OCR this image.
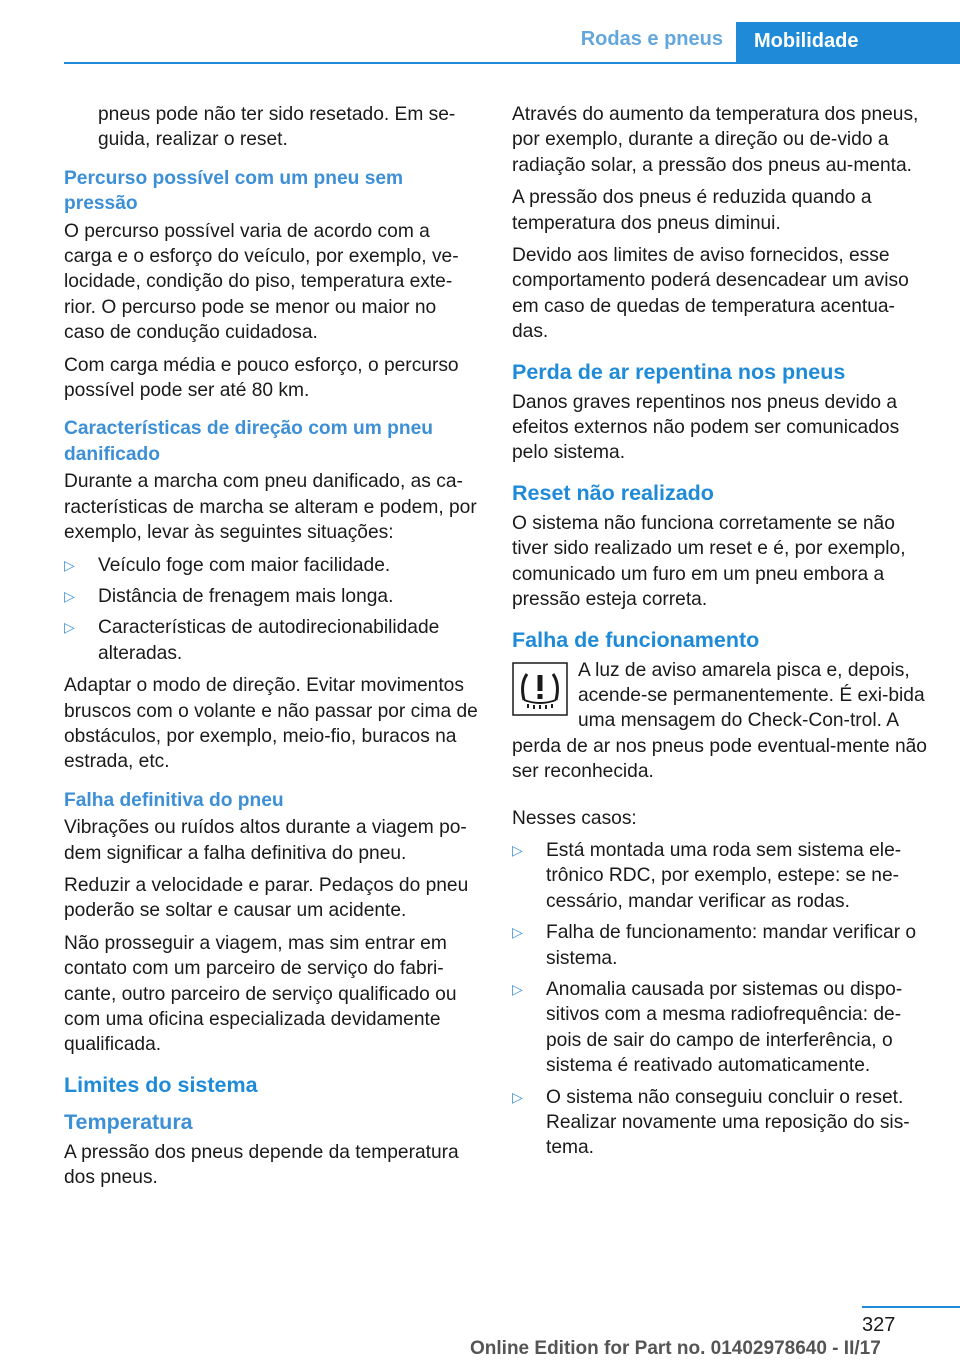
Rodas e pneus	Mobilidade

pneus pode não ter sido resetado. Em se-guida, realizar o reset.

Percurso possível com um pneu sem pressão

O percurso possível varia de acordo com a carga e o esforço do veículo, por exemplo, ve-locidade, condição do piso, temperatura exte-rior. O percurso pode se menor ou maior no caso de condução cuidadosa.

Com carga média e pouco esforço, o percurso possível pode ser até 80 km.

Características de direção com um pneu danificado

Durante a marcha com pneu danificado, as ca-racterísticas de marcha se alteram e podem, por exemplo, levar às seguintes situações:

▷ Veículo foge com maior facilidade.
▷ Distância de frenagem mais longa.
▷ Características de autodirecionabilidade alteradas.

Adaptar o modo de direção. Evitar movimentos bruscos com o volante e não passar por cima de obstáculos, por exemplo, meio-fio, buracos na estrada, etc.

Falha definitiva do pneu

Vibrações ou ruídos altos durante a viagem po-dem significar a falha definitiva do pneu.

Reduzir a velocidade e parar. Pedaços do pneu poderão se soltar e causar um acidente.

Não prosseguir a viagem, mas sim entrar em contato com um parceiro de serviço do fabri-cante, outro parceiro de serviço qualificado ou com uma oficina especializada devidamente qualificada.

Limites do sistema
Temperatura

A pressão dos pneus depende da temperatura dos pneus.

Através do aumento da temperatura dos pneus, por exemplo, durante a direção ou de-vido a radiação solar, a pressão dos pneus au-menta.

A pressão dos pneus é reduzida quando a temperatura dos pneus diminui.

Devido aos limites de aviso fornecidos, esse comportamento poderá desencadear um aviso em caso de quedas de temperatura acentua-das.

Perda de ar repentina nos pneus

Danos graves repentinos nos pneus devido a efeitos externos não podem ser comunicados pelo sistema.

Reset não realizado

O sistema não funciona corretamente se não tiver sido realizado um reset e é, por exemplo, comunicado um furo em um pneu embora a pressão esteja correta.

Falha de funcionamento

A luz de aviso amarela pisca e, depois, acende-se permanentemente. É exi-bida uma mensagem do Check-Con-trol. A perda de ar nos pneus pode eventual-mente não ser reconhecida.

Nesses casos:

▷ Está montada uma roda sem sistema ele-trônico RDC, por exemplo, estepe: se ne-cessário, mandar verificar as rodas.
▷ Falha de funcionamento: mandar verificar o sistema.
▷ Anomalia causada por sistemas ou dispo-sitivos com a mesma radiofrequência: de-pois de sair do campo de interferência, o sistema é reativado automaticamente.
▷ O sistema não conseguiu concluir o reset. Realizar novamente uma reposição do sis-tema.
327
Online Edition for Part no. 01402978640 - II/17
